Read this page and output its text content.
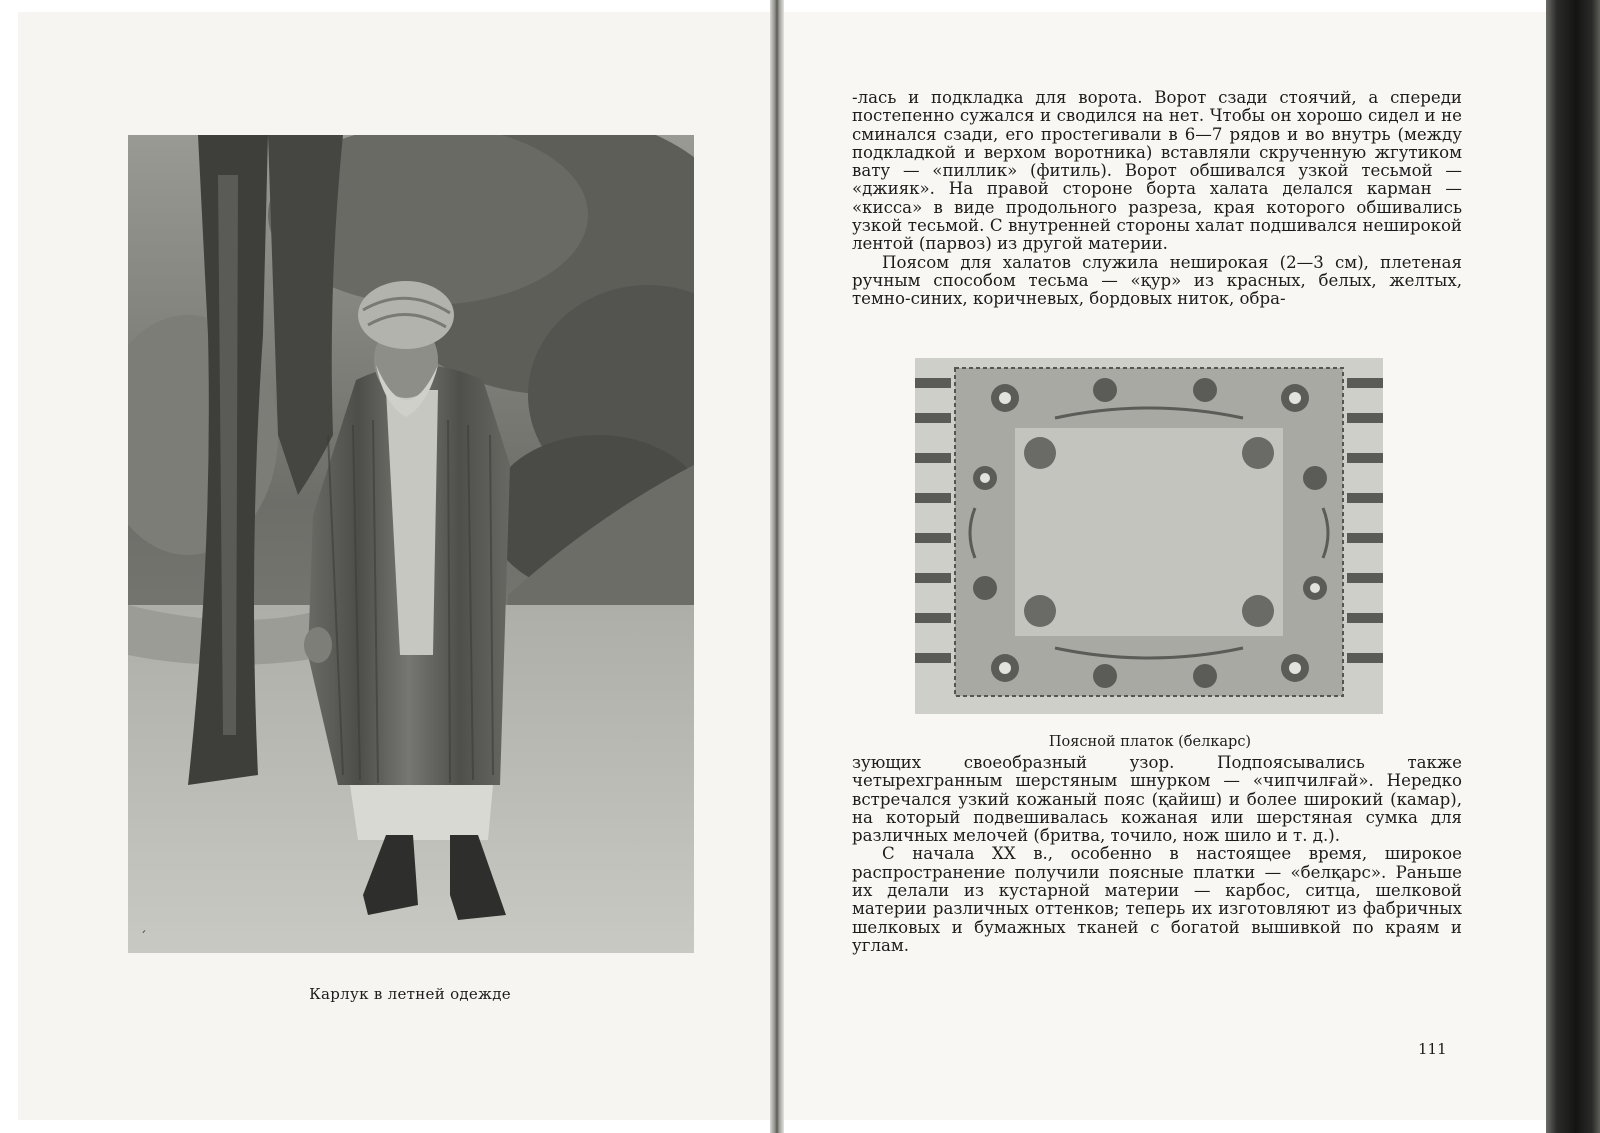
Карлук в летней одежде
ˊ

-лась и подкладка для ворота. Ворот сзади стоячий, а спереди постепенно сужался и сводился на нет. Чтобы он хорошо сидел и не сминался сзади, его простегивали в 6—7 рядов и во внутрь (между подкладкой и верхом воротника) вставляли скрученную жгутиком вату — «пиллик» (фитиль). Ворот обшивался узкой тесьмой — «джияк». На правой стороне борта халата делался карман — «кисса» в виде продольного разреза, края которого обшивались узкой тесьмой. С внутренней стороны халат подшивался неширокой лентой (парвоз) из другой материи.

Поясом для халатов служила неширокая (2—3 см), плетеная ручным способом тесьма — «қур» из красных, белых, желтых, темно-синих, коричневых, бордовых ниток, обра-

Поясной платок (белкарс)

зующих своеобразный узор. Подпоясывались также четырехгранным шерстяным шнурком — «чипчилғай». Нередко встречался узкий кожаный пояс (қайиш) и более широкий (камар), на который подвешивалась кожаная или шерстяная сумка для различных мелочей (бритва, точило, нож шило и т. д.).

С начала XX в., особенно в настоящее время, широкое распространение получили поясные платки — «белқарс». Раньше их делали из кустарной материи — карбос, ситца, шелковой материи различных оттенков; теперь их изготовляют из фабричных шелковых и бумажных тканей с богатой вышивкой по краям и углам.

111
